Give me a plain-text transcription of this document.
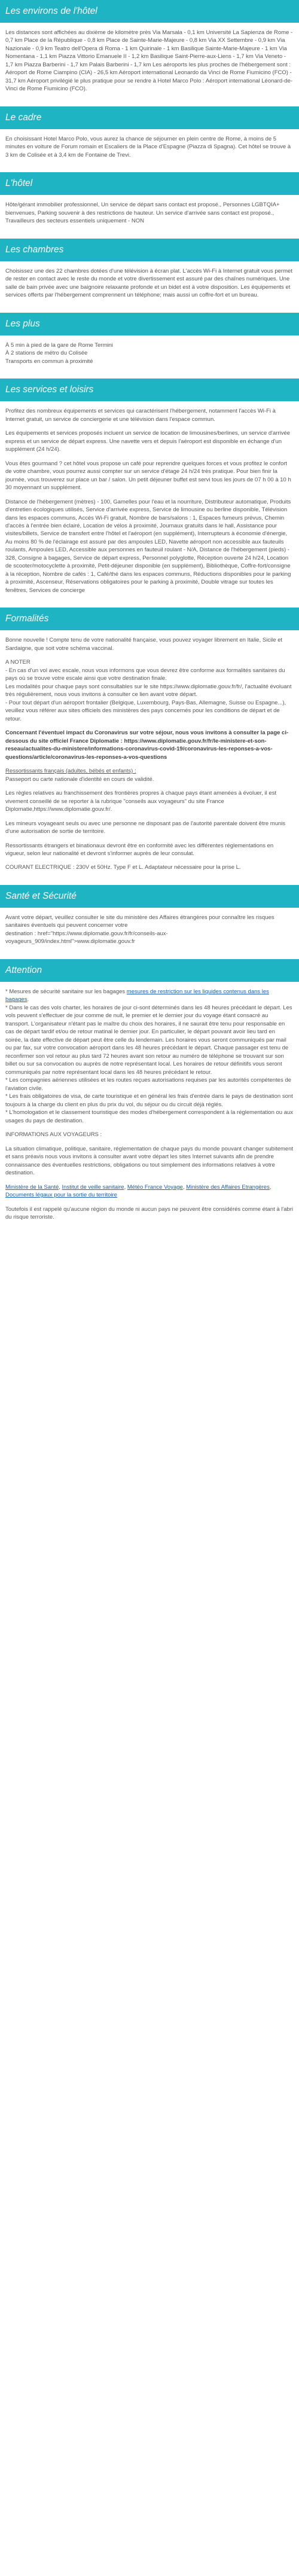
Les environs de l'hôtel

Les distances sont affichées au dixième de kilomètre près Via Marsala - 0,1 km Université La Sapienza de Rome - 0,7 km Place de la République - 0,8 km Place de Sainte-Marie-Majeure - 0,8 km Via XX Settembre - 0,9 km Via Nazionale - 0,9 km Teatro dell'Opera di Roma - 1 km Quirinale - 1 km Basilique Sainte-Marie-Majeure - 1 km Via Nomentana - 1,1 km Piazza Vittorio Emanuele II - 1,2 km Basilique Saint-Pierre-aux-Liens - 1,7 km Via Veneto - 1,7 km Piazza Barberini - 1,7 km Palais Barberini - 1,7 km Les aéroports les plus proches de l'hébergement sont : Aéroport de Rome Ciampino (CIA) - 26,5 km Aéroport international Leonardo da Vinci de Rome Fiumicino (FCO) - 31,7 km Aéroport privilégié le plus pratique pour se rendre à Hotel Marco Polo : Aéroport international Léonard-de-Vinci de Rome Fiumicino (FCO).

Le cadre

En choisissant Hotel Marco Polo, vous aurez la chance de séjourner en plein centre de Rome, à moins de 5 minutes en voiture de Forum romain et Escaliers de la Place d'Espagne (Piazza di Spagna). Cet hôtel se trouve à 3 km de Colisée et à 3,4 km de Fontaine de Trevi.

L'hôtel

Hôte/gérant immobilier professionnel, Un service de départ sans contact est proposé., Personnes LGBTQIA+ bienvenues, Parking souvenir à des restrictions de hauteur. Un service d'arrivée sans contact est proposé., Travailleurs des secteurs essentiels uniquement - NON

Les chambres

Choisissez une des 22 chambres dotées d'une télévision à écran plat. L'accès Wi-Fi à Internet gratuit vous permet de rester en contact avec le reste du monde et votre divertissement est assuré par des chaînes numériques. Une salle de bain privée avec une baignoire relaxante profonde et un bidet est à votre disposition. Les équipements et services offerts par l'hébergement comprennent un téléphone; mais aussi un coffre-fort et un bureau.

Les plus

À 5 min à pied de la gare de Rome Termini

À 2 stations de métro du Colisée

Transports en commun à proximité

Les services et loisirs

Profitez des nombreux équipements et services qui caractérisent l'hébergement, notamment l'accès Wi-Fi à Internet gratuit, un service de conciergerie et une télévision dans l'espace commun.

Les équipements et services proposés incluent un service de location de limousines/berlines, un service d'arrivée express et un service de départ express. Une navette vers et depuis l'aéroport est disponible en échange d'un supplément (24 h/24).

Vous êtes gourmand ? cet hôtel vous propose un café pour reprendre quelques forces et vous profitez le confort de votre chambre, vous pourrez aussi compter sur un service d'étage 24 h/24 très pratique. Pour bien finir la journée, vous trouverez sur place un bar / salon. Un petit déjeuner buffet est servi tous les jours de 07 h 00 à 10 h 30 moyennant un supplément.

Distance de l'hébergement (mètres) - 100, Gamelles pour l'eau et la nourriture, Distributeur automatique, Produits d'entretien écologiques utilisés, Service d'arrivée express, Service de limousine ou berline disponible, Télévision dans les espaces communs, Accès Wi-Fi gratuit, Nombre de bars/salons : 1, Espaces fumeurs prévus, Chemin d'accès à l'entrée bien éclairé, Location de vélos à proximité, Journaux gratuits dans le hall, Assistance pour visites/billets, Service de transfert entre l'hôtel et l'aéroport (en supplément), Interrupteurs à économie d'énergie, Au moins 80 % de l'éclairage est assuré par des ampoules LED, Navette aéroport non accessible aux fauteuils roulants, Ampoules LED, Accessible aux personnes en fauteuil roulant - N/A, Distance de l'hébergement (pieds) - 328, Consigne à bagages, Service de départ express, Personnel polyglotte, Réception ouverte 24 h/24, Location de scooter/motocyclette à proximité, Petit-déjeuner disponible (en supplément), Bibliothèque, Coffre-fort/consigne à la réception, Nombre de cafés : 1, Café/thé dans les espaces communs, Réductions disponibles pour le parking à proximité, Ascenseur, Réservations obligatoires pour le parking à proximité, Double vitrage sur toutes les fenêtres, Services de concierge

Formalités

Bonne nouvelle ! Compte tenu de votre nationalité française, vous pouvez voyager librement en Italie, Sicile et Sardaigne, que soit votre schéma vaccinal.

A NOTER

- En cas d'un vol avec escale, nous vous informons que vous devrez être conforme aux formalités sanitaires du pays où se trouve votre escale ainsi que votre destination finale.

Les modalités pour chaque pays sont consultables sur le site https://www.diplomatie.gouv.fr/fr/, l'actualité évoluant très régulièrement, nous vous invitons à consulter ce lien avant votre départ.

- Pour tout départ d'un aéroport frontalier (Belgique, Luxembourg, Pays-Bas, Allemagne, Suisse ou Espagne...), veuillez vous référer aux sites officiels des ministères des pays concernés pour les conditions de départ et de retour.

Concernant l'éventuel impact du Coronavirus sur votre séjour, nous vous invitons à consulter la page ci-dessous du site officiel France Diplomatie : https://www.diplomatie.gouv.fr/fr/le-ministere-et-son-reseau/actualites-du-ministere/informations-coronavirus-covid-19/coronavirus-les-reponses-a-vos-questions/article/coronavirus-les-reponses-a-vos-questions

Ressortissants français (adultes, bébés et enfants) :

Passeport ou carte nationale d'identité en cours de validité.

Les règles relatives au franchissement des frontières propres à chaque pays étant amenées à évoluer, il est vivement conseillé de se reporter à la rubrique "conseils aux voyageurs" du site France Diplomatie,https://www.diplomatie.gouv.fr/.

Les mineurs voyageant seuls ou avec une personne ne disposant pas de l'autorité parentale doivent être munis d'une autorisation de sortie de territoire.

Ressortissants étrangers et binationaux devront être en conformité avec les différentes réglementations en vigueur, selon leur nationalité et devront s'informer auprès de leur consulat.

COURANT ELECTRIQUE : 230V et 50Hz. Type F et L. Adaptateur nécessaire pour la prise L.

Santé et Sécurité

Avant votre départ, veuillez consulter le site du ministère des Affaires étrangères pour connaître les risques sanitaires éventuels qui peuvent concerner votre

destination : href="https://www.diplomatie.gouv.fr/fr/conseils-aux-voyageurs_909/index.html">www.diplomatie.gouv.fr

Attention

* Mesures de sécurité sanitaire sur les bagages mesures de restriction sur les liquides contenus dans les bagages.

* Dans le cas des vols charter, les horaires de jour ci-sont déterminés dans les 48 heures précédant le départ. Les vols peuvent s'effectuer de jour comme de nuit, le premier et le dernier jour du voyage étant consacré au transport. L'organisateur n'étant pas le maître du choix des horaires, il ne saurait être tenu pour responsable en cas de départ tardif et/ou de retour matinal le dernier jour. En particulier, le départ pouvant avoir lieu tard en soirée, la date effective de départ peut être celle du lendemain. Les horaires vous seront communiqués par mail ou par fax, sur votre convocation aéroport dans les 48 heures précédant le départ. Chaque passager est tenu de reconfirmer son vol retour au plus tard 72 heures avant son retour au numéro de téléphone se trouvant sur son billet ou sur sa convocation ou auprès de notre représentant local. Les horaires de retour définitifs vous seront communiqués par notre représentant local dans les 48 heures précédant le retour.

* Les compagnies aériennes utilisées et les routes reçues autorisations requises par les autorités compétentes de l'aviation civile.

* Les frais obligatoires de visa, de carte touristique et en général les frais d'entrée dans le pays de destination sont toujours à la charge du client en plus du prix du vol, du séjour ou du circuit déjà réglés.

* L'homologation et le classement touristique des modes d'hébergement correspondent à la réglementation ou aux usages du pays de destination.

INFORMATIONS AUX VOYAGEURS :

La situation climatique, politique, sanitaire, réglementation de chaque pays du monde pouvant changer subitement et sans préavis nous vous invitons à consulter avant votre départ les sites Internet suivants afin de prendre connaissance des éventuelles restrictions, obligations ou tout simplement des informations relatives à votre destination.

Ministère de la Santé, Institut de veille sanitaire, Météo France Voyage, Ministère des Affaires Etrangères, Documents légaux pour la sortie du territoire

Toutefois il est rappelé qu'aucune région du monde ni aucun pays ne peuvent être considérés comme étant à l'abri du risque terroriste.
